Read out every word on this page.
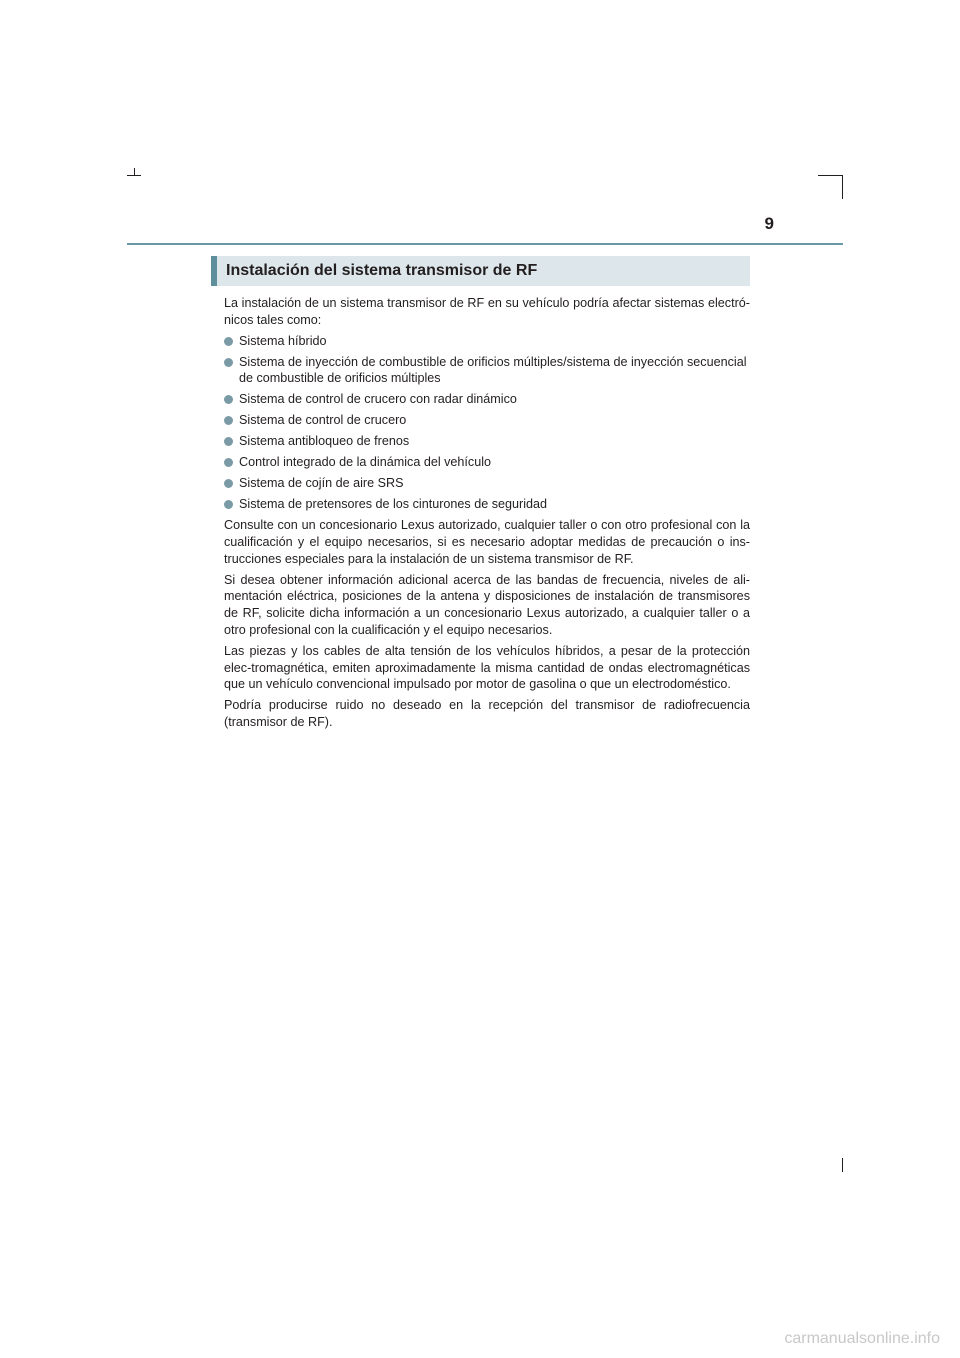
9
Instalación del sistema transmisor de RF

La instalación de un sistema transmisor de RF en su vehículo podría afectar sistemas electró-nicos tales como:

Sistema híbrido
Sistema de inyección de combustible de orificios múltiples/sistema de inyección secuencial de combustible de orificios múltiples
Sistema de control de crucero con radar dinámico
Sistema de control de crucero
Sistema antibloqueo de frenos
Control integrado de la dinámica del vehículo
Sistema de cojín de aire SRS
Sistema de pretensores de los cinturones de seguridad

Consulte con un concesionario Lexus autorizado, cualquier taller o con otro profesional con la cualificación y el equipo necesarios, si es necesario adoptar medidas de precaución o ins-trucciones especiales para la instalación de un sistema transmisor de RF.

Si desea obtener información adicional acerca de las bandas de frecuencia, niveles de ali-mentación eléctrica, posiciones de la antena y disposiciones de instalación de transmisores de RF, solicite dicha información a un concesionario Lexus autorizado, a cualquier taller o a otro profesional con la cualificación y el equipo necesarios.

Las piezas y los cables de alta tensión de los vehículos híbridos, a pesar de la protección elec-tromagnética, emiten aproximadamente la misma cantidad de ondas electromagnéticas que un vehículo convencional impulsado por motor de gasolina o que un electrodoméstico.

Podría producirse ruido no deseado en la recepción del transmisor de radiofrecuencia (transmisor de RF).

carmanualsonline.info
